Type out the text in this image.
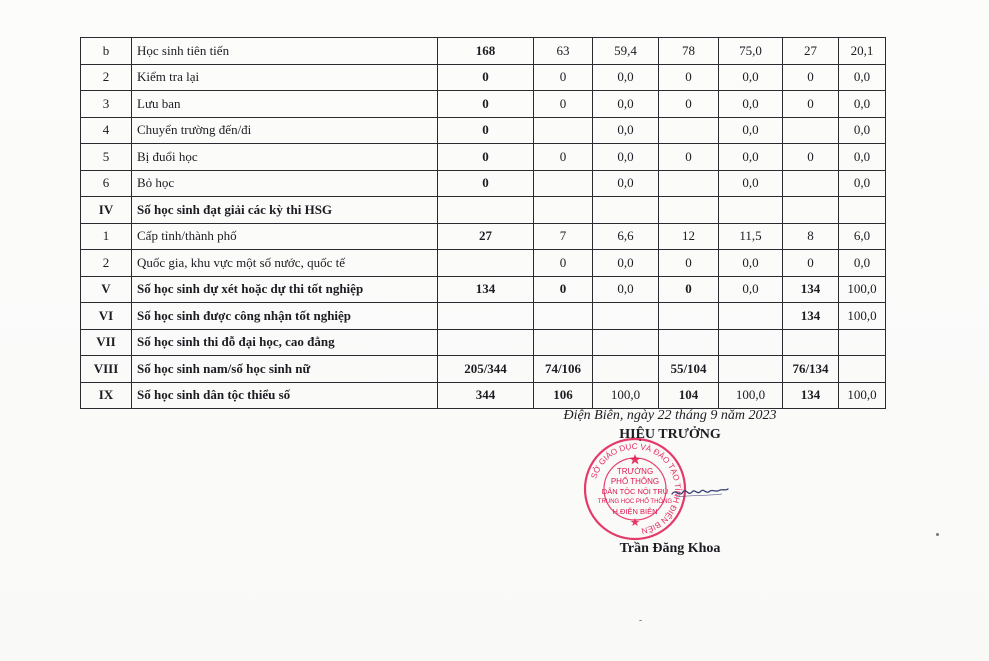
b	Học sinh tiên tiến	168	63	59,4	78	75,0	27	20,1
2	Kiểm tra lại	0	0	0,0	0	0,0	0	0,0
3	Lưu ban	0	0	0,0	0	0,0	0	0,0
4	Chuyển trường đến/đi	0		0,0		0,0		0,0
5	Bị đuổi học	0	0	0,0	0	0,0	0	0,0
6	Bỏ học	0		0,0		0,0		0,0
IV	Số học sinh đạt giải các kỳ thi HSG							
1	Cấp tỉnh/thành phố	27	7	6,6	12	11,5	8	6,0
2	Quốc gia, khu vực một số nước, quốc tế		0	0,0	0	0,0	0	0,0
V	Số học sinh dự xét hoặc dự thi tốt nghiệp	134	0	0,0	0	0,0	134	100,0
VI	Số học sinh được công nhận tốt nghiệp						134	100,0
VII	Số học sinh thi đỗ đại học, cao đẳng							
VIII	Số học sinh nam/số học sinh nữ	205/344	74/106		55/104		76/134	
IX	Số học sinh dân tộc thiểu số	344	106	100,0	104	100,0	134	100,0
Điện Biên, ngày 22 tháng 9 năm 2023
HIỆU TRƯỞNG
SỞ GIÁO DỤC VÀ ĐÀO TẠO TỈNH ĐIỆN BIÊN
TRƯỜNG
PHỔ THÔNG
DÂN TỘC NỘI TRÚ
TRUNG HỌC PHỔ THÔNG
H.ĐIỆN BIÊN
Trần Đăng Khoa
